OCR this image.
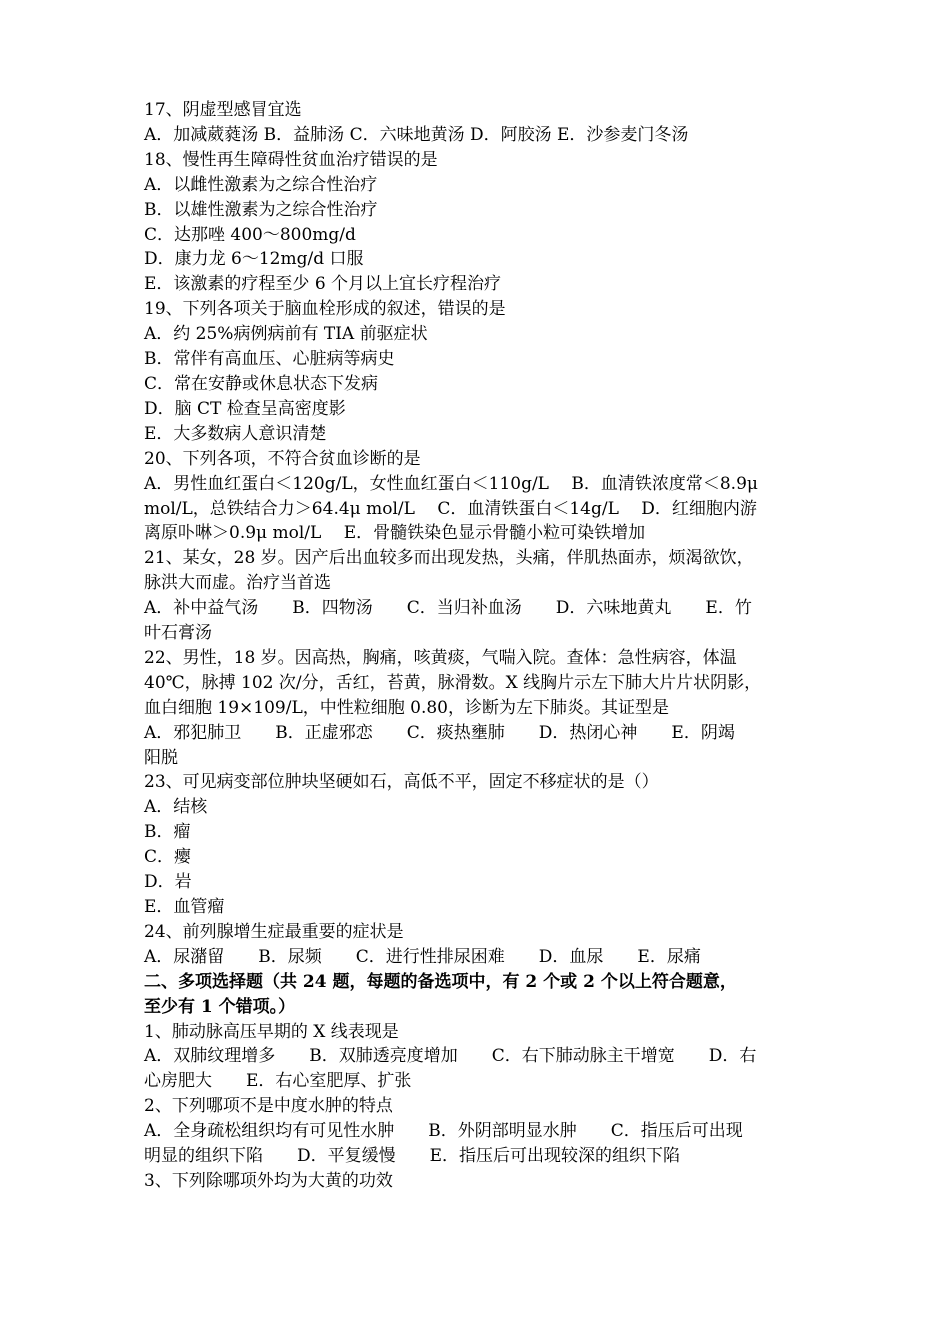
17、阴虚型感冒宜选
A．加减葳蕤汤 B．益肺汤 C．六味地黄汤 D．阿胶汤 E．沙参麦门冬汤
18、慢性再生障碍性贫血治疗错误的是
A．以雌性激素为之综合性治疗
B．以雄性激素为之综合性治疗
C．达那唑 400～800mg/d
D．康力龙 6～12mg/d 口服
E．该激素的疗程至少 6 个月以上宜长疗程治疗
19、下列各项关于脑血栓形成的叙述，错误的是
A．约 25%病例病前有 TIA 前驱症状
B．常伴有高血压、心脏病等病史
C．常在安静或休息状态下发病
D．脑 CT 检查呈高密度影
E．大多数病人意识清楚
20、下列各项，不符合贫血诊断的是
A．男性血红蛋白＜120g/L，女性血红蛋白＜110g/L　 B．血清铁浓度常＜8.9μ
mol/L，总铁结合力＞64.4μ mol/L　 C．血清铁蛋白＜14g/L　 D．红细胞内游
离原卟啉＞0.9μ mol/L　 E．骨髓铁染色显示骨髓小粒可染铁增加
21、某女，28 岁。因产后出血较多而出现发热，头痛，伴肌热面赤，烦渴欲饮，
脉洪大而虚。治疗当首选
A．补中益气汤　　B．四物汤　　C．当归补血汤　　D．六味地黄丸　　E．竹
叶石膏汤
22、男性，18 岁。因高热，胸痛，咳黄痰，气喘入院。查体：急性病容，体温
40℃，脉搏 102 次/分，舌红，苔黄，脉滑数。X 线胸片示左下肺大片片状阴影，
血白细胞 19×109/L，中性粒细胞 0.80，诊断为左下肺炎。其证型是
A．邪犯肺卫　　B．正虚邪恋　　C．痰热壅肺　　D．热闭心神　　E．阴竭
阳脱
23、可见病变部位肿块坚硬如石，高低不平，固定不移症状的是（）
A．结核
B．瘤
C．瘿
D．岩
E．血管瘤
24、前列腺增生症最重要的症状是
A．尿潴留　　B．尿频　　C．进行性排尿困难　　D．血尿　　E．尿痛
二、多项选择题（共 24 题，每题的备选项中，有 2 个或 2 个以上符合题意，
至少有 1 个错项。）
1、肺动脉高压早期的 X 线表现是
A．双肺纹理增多　　B．双肺透亮度增加　　C．右下肺动脉主干增宽　　D．右
心房肥大　　E．右心室肥厚、扩张
2、下列哪项不是中度水肿的特点
A．全身疏松组织均有可见性水肿　　B．外阴部明显水肿　　C．指压后可出现
明显的组织下陷　　D．平复缓慢　　E．指压后可出现较深的组织下陷
3、下列除哪项外均为大黄的功效
